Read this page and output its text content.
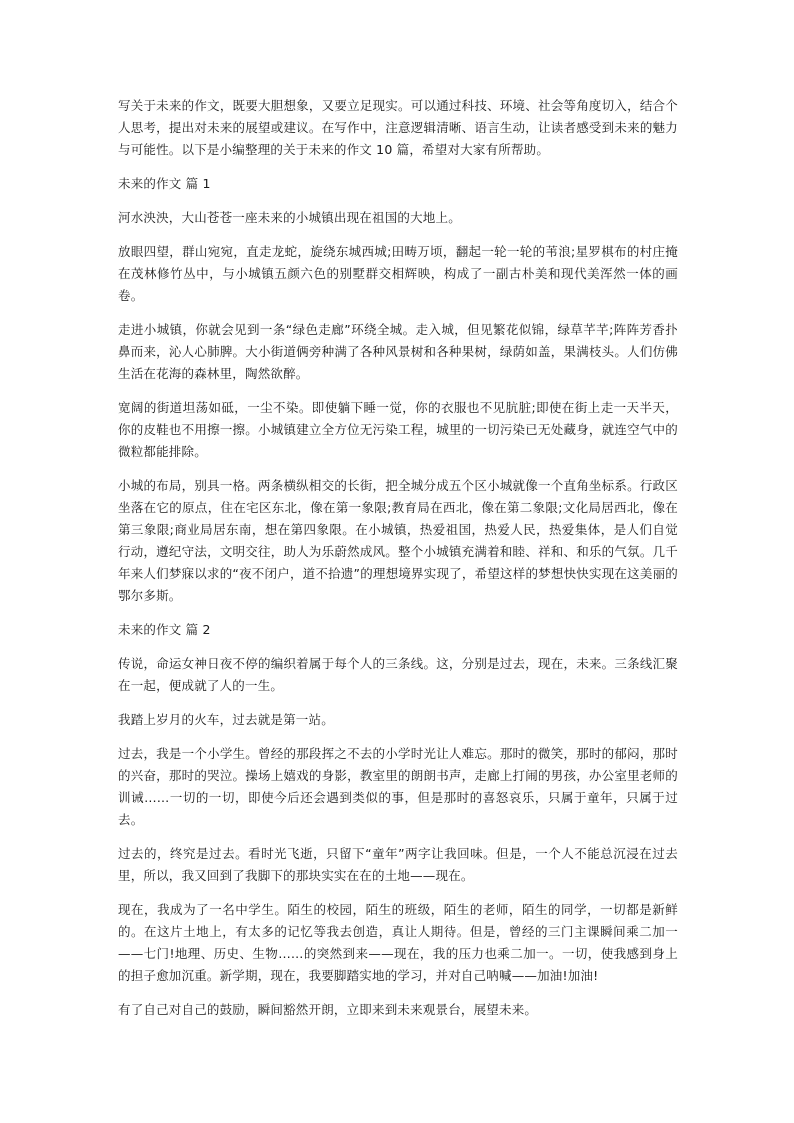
写关于未来的作文，既要大胆想象，又要立足现实。可以通过科技、环境、社会等角度切入，结合个人思考，提出对未来的展望或建议。在写作中，注意逻辑清晰、语言生动，让读者感受到未来的魅力与可能性。以下是小编整理的关于未来的作文 10 篇，希望对大家有所帮助。

未来的作文 篇 1

河水泱泱，大山苍苍一座未来的小城镇出现在祖国的大地上。

放眼四望，群山宛宛，直走龙蛇，旋绕东城西城;田畴万顷，翻起一轮一轮的苇浪;星罗棋布的村庄掩在茂林修竹丛中，与小城镇五颜六色的别墅群交相辉映，构成了一副古朴美和现代美浑然一体的画卷。

走进小城镇，你就会见到一条“绿色走廊”环绕全城。走入城，但见繁花似锦，绿草芊芊;阵阵芳香扑鼻而来，沁人心肺脾。大小街道俩旁种满了各种风景树和各种果树，绿荫如盖，果满枝头。人们仿佛生活在花海的森林里，陶然欲醉。

宽阔的街道坦荡如砥，一尘不染。即使躺下睡一觉，你的衣服也不见肮脏;即使在街上走一天半天，你的皮鞋也不用擦一擦。小城镇建立全方位无污染工程，城里的一切污染已无处藏身，就连空气中的微粒都能排除。

小城的布局，别具一格。两条横纵相交的长街，把全城分成五个区小城就像一个直角坐标系。行政区坐落在它的原点，住在宅区东北，像在第一象限;教育局在西北，像在第二象限;文化局居西北，像在第三象限;商业局居东南，想在第四象限。在小城镇，热爱祖国，热爱人民，热爱集体，是人们自觉行动，遵纪守法，文明交往，助人为乐蔚然成风。整个小城镇充满着和睦、祥和、和乐的气氛。几千年来人们梦寐以求的“夜不闭户，道不拾遗”的理想境界实现了，希望这样的梦想快快实现在这美丽的鄂尔多斯。

未来的作文 篇 2

传说，命运女神日夜不停的编织着属于每个人的三条线。这，分别是过去，现在，未来。三条线汇聚在一起，便成就了人的一生。

我踏上岁月的火车，过去就是第一站。

过去，我是一个小学生。曾经的那段挥之不去的小学时光让人难忘。那时的微笑，那时的郁闷，那时的兴奋，那时的哭泣。操场上嬉戏的身影，教室里的朗朗书声，走廊上打闹的男孩，办公室里老师的训诫……一切的一切，即使今后还会遇到类似的事，但是那时的喜怒哀乐，只属于童年，只属于过去。

过去的，终究是过去。看时光飞逝，只留下“童年”两字让我回味。但是，一个人不能总沉浸在过去里，所以，我又回到了我脚下的那块实实在在的土地——现在。

现在，我成为了一名中学生。陌生的校园，陌生的班级，陌生的老师，陌生的同学，一切都是新鲜的。在这片土地上，有太多的记忆等我去创造，真让人期待。但是，曾经的三门主课瞬间乘二加一——七门!地理、历史、生物……的突然到来——现在，我的压力也乘二加一。一切，使我感到身上的担子愈加沉重。新学期，现在，我要脚踏实地的学习，并对自己呐喊——加油!加油!

有了自己对自己的鼓励，瞬间豁然开朗，立即来到未来观景台，展望未来。
